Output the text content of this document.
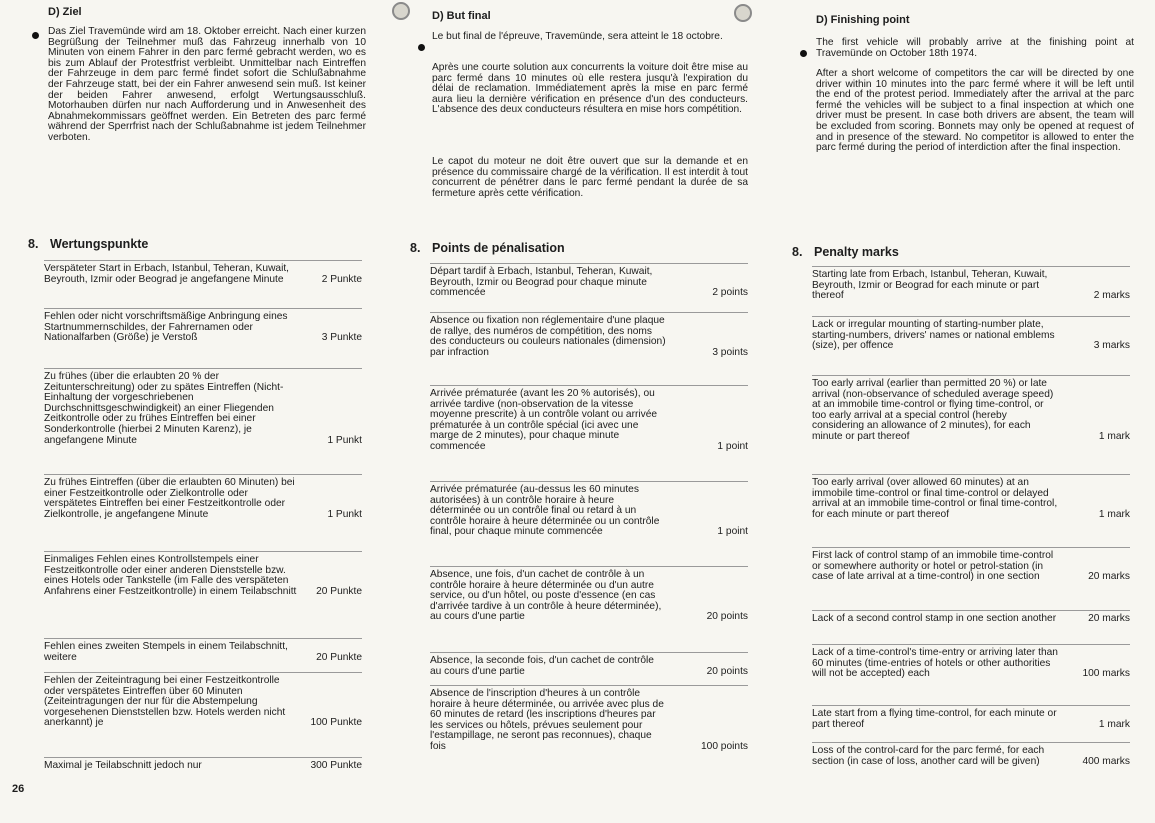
D) Ziel
Das Ziel Travemünde wird am 18. Oktober erreicht. Nach einer kurzen Begrüßung der Teilnehmer muß das Fahrzeug innerhalb von 10 Minuten von einem Fahrer in den parc fermé gebracht werden, wo es bis zum Ablauf der Protestfrist verbleibt. Unmittelbar nach Eintreffen der Fahrzeuge in dem parc fermé findet sofort die Schlußabnahme der Fahrzeuge statt, bei der ein Fahrer anwesend sein muß. Ist keiner der beiden Fahrer anwesend, erfolgt Wertungsausschluß. Motorhauben dürfen nur nach Aufforderung und in Anwesenheit des Abnahmekommissars geöffnet werden. Ein Betreten des parc fermé während der Sperrfrist nach der Schlußabnahme ist jedem Teilnehmer verboten.
8. Wertungspunkte
Verspäteter Start in Erbach, Istanbul, Teheran, Kuwait, Beyrouth, Izmir oder Beograd je angefangene Minute	2 Punkte
Fehlen oder nicht vorschriftsmäßige Anbringung eines Startnummernschildes, der Fahrernamen oder Nationalfarben (Größe) je Verstoß	3 Punkte
Zu frühes (über die erlaubten 20 % der Zeitunterschreitung) oder zu spätes Eintreffen (Nicht-Einhaltung der vorgeschriebenen Durchschnittsgeschwindigkeit) an einer Fliegenden Zeitkontrolle oder zu frühes Eintreffen bei einer Sonderkontrolle (hierbei 2 Minuten Karenz), je angefangene Minute	1 Punkt
Zu frühes Eintreffen (über die erlaubten 60 Minuten) bei einer Festzeitkontrolle oder Zielkontrolle oder verspätetes Eintreffen bei einer Festzeitkontrolle oder Zielkontrolle, je angefangene Minute	1 Punkt
Einmaliges Fehlen eines Kontrollstempels einer Festzeitkontrolle oder einer anderen Dienststelle bzw. eines Hotels oder Tankstelle (im Falle des verspäteten Anfahrens einer Festzeitkontrolle) in einem Teilabschnitt	20 Punkte
Fehlen eines zweiten Stempels in einem Teilabschnitt, weitere	20 Punkte
Fehlen der Zeiteintragung bei einer Festzeitkontrolle oder verspätetes Eintreffen über 60 Minuten (Zeiteintragungen der nur für die Abstempelung vorgesehenen Dienststellen bzw. Hotels werden nicht anerkannt) je	100 Punkte
Maximal je Teilabschnitt jedoch nur	300 Punkte
D) But final
Le but final de l'épreuve, Travemünde, sera atteint le 18 octobre.
Après une courte solution aux concurrents la voiture doit être mise au parc fermé dans 10 minutes où elle restera jusqu'à l'expiration du délai de reclamation. Immédiatement après la mise en parc fermé aura lieu la dernière vérification en présence d'un des conducteurs. L'absence des deux conducteurs résultera en mise hors compétition.
Le capot du moteur ne doit être ouvert que sur la demande et en présence du commissaire chargé de la vérification. Il est interdit à tout concurrent de pénétrer dans le parc fermé pendant la durée de sa fermeture après cette vérification.
8. Points de pénalisation
Départ tardif à Erbach, Istanbul, Teheran, Kuwait, Beyrouth, Izmir ou Beograd pour chaque minute commencée	2 points
Absence ou fixation non réglementaire d'une plaque de rallye, des numéros de compétition, des noms des conducteurs ou couleurs nationales (dimension) par infraction	3 points
Arrivée prématurée (avant les 20 % autorisés), ou arrivée tardive (non-observation de la vitesse moyenne prescrite) à un contrôle volant ou arrivée prématurée à un contrôle spécial (ici avec une marge de 2 minutes), pour chaque minute commencée	1 point
Arrivée prématurée (au-dessus les 60 minutes autorisées) à un contrôle horaire à heure déterminée ou un contrôle final ou retard à un contrôle horaire à heure déterminée ou un contrôle final, pour chaque minute commencée	1 point
Absence, une fois, d'un cachet de contrôle à un contrôle horaire à heure déterminée ou d'un autre service, ou d'un hôtel, ou poste d'essence (en cas d'arrivée tardive à un contrôle à heure déterminée), au cours d'une partie	20 points
Absence, la seconde fois, d'un cachet de contrôle au cours d'une partie	20 points
Absence de l'inscription d'heures à un contrôle horaire à heure déterminée, ou arrivée avec plus de 60 minutes de retard (les inscriptions d'heures par les services ou hôtels, prévues seulement pour l'estampillage, ne seront pas reconnues), chaque fois	100 points
D) Finishing point
The first vehicle will probably arrive at the finishing point at Travemünde on October 18th 1974.
After a short welcome of competitors the car will be directed by one driver within 10 minutes into the parc fermé where it will be left until the end of the protest period. Immediately after the arrival at the parc fermé the vehicles will be subject to a final inspection at which one driver must be present. In case both drivers are absent, the team will be excluded from scoring. Bonnets may only be opened at request of and in presence of the steward. No competitor is allowed to enter the parc fermé during the period of interdiction after the final inspection.
8. Penalty marks
Starting late from Erbach, Istanbul, Teheran, Kuwait, Beyrouth, Izmir or Beograd for each minute or part thereof	2 marks
Lack or irregular mounting of starting-number plate, starting-numbers, drivers' names or national emblems (size), per offence	3 marks
Too early arrival (earlier than permitted 20 %) or late arrival (non-observance of scheduled average speed) at an immobile time-control or flying time-control, or too early arrival at a special control (hereby considering an allowance of 2 minutes), for each minute or part thereof	1 mark
Too early arrival (over allowed 60 minutes) at an immobile time-control or final time-control or delayed arrival at an immobile time-control or final time-control, for each minute or part thereof	1 mark
First lack of control stamp of an immobile time-control or somewhere authority or hotel or petrol-station (in case of late arrival at a time-control) in one section	20 marks
Lack of a second control stamp in one section another	20 marks
Lack of a time-control's time-entry or arriving later than 60 minutes (time-entries of hotels or other authorities will not be accepted) each	100 marks
Late start from a flying time-control, for each minute or part thereof	1 mark
Loss of the control-card for the parc fermé, for each section (in case of loss, another card will be given)	400 marks
26
